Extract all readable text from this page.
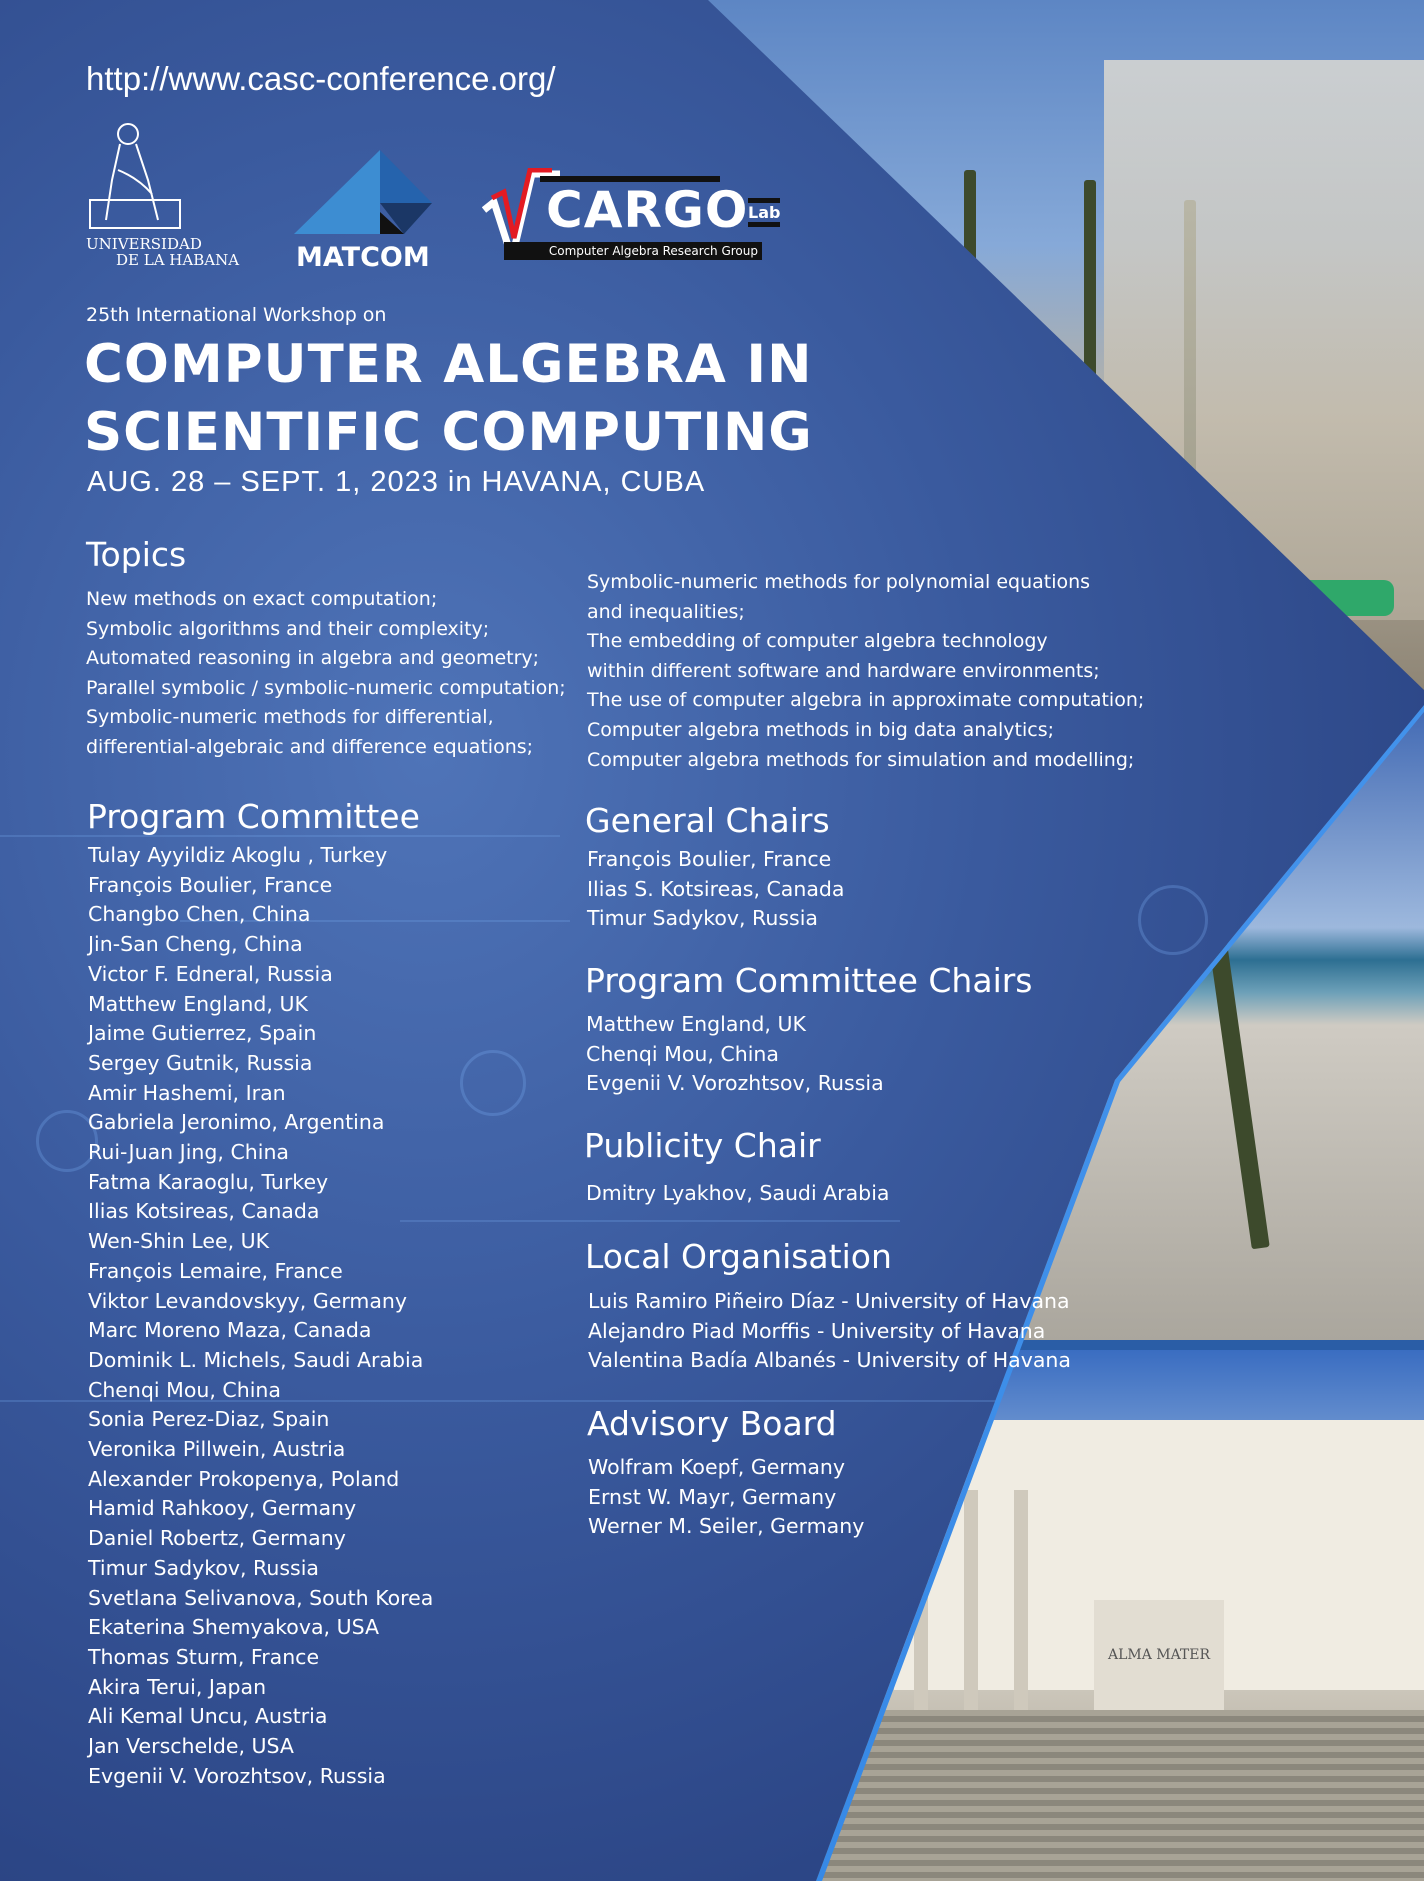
ALMA MATER
http://www.casc-conference.org/
UNIVERSIDAD
DE LA HABANA MATCOM
CARGO Lab
Computer Algebra Research Group
25th International Workshop on
COMPUTER ALGEBRA IN
SCIENTIFIC COMPUTING
AUG. 28 – SEPT. 1, 2023 in HAVANA, CUBA
Topics
New methods on exact computation;
Symbolic algorithms and their complexity;
Automated reasoning in algebra and geometry;
Parallel symbolic / symbolic-numeric computation;
Symbolic-numeric methods for differential,
differential-algebraic and difference equations;
Symbolic-numeric methods for polynomial equations
and inequalities;
The embedding of computer algebra technology
within different software and hardware environments;
The use of computer algebra in approximate computation;
Computer algebra methods in big data analytics;
Computer algebra methods for simulation and modelling;
Program Committee
Tulay Ayyildiz Akoglu , Turkey
François Boulier, France
Changbo Chen, China
Jin-San Cheng, China
Victor F. Edneral, Russia
Matthew England, UK
Jaime Gutierrez, Spain
Sergey Gutnik, Russia
Amir Hashemi, Iran
Gabriela Jeronimo, Argentina
Rui-Juan Jing, China
Fatma Karaoglu, Turkey
Ilias Kotsireas, Canada
Wen-Shin Lee, UK
François Lemaire, France
Viktor Levandovskyy, Germany
Marc Moreno Maza, Canada
Dominik L. Michels, Saudi Arabia
Chenqi Mou, China
Sonia Perez-Diaz, Spain
Veronika Pillwein, Austria
Alexander Prokopenya, Poland
Hamid Rahkooy, Germany
Daniel Robertz, Germany
Timur Sadykov, Russia
Svetlana Selivanova, South Korea
Ekaterina Shemyakova, USA
Thomas Sturm, France
Akira Terui, Japan
Ali Kemal Uncu, Austria
Jan Verschelde, USA
Evgenii V. Vorozhtsov, Russia
General Chairs
François Boulier, France
Ilias S. Kotsireas, Canada
Timur Sadykov, Russia
Program Committee Chairs
Matthew England, UK
Chenqi Mou, China
Evgenii V. Vorozhtsov, Russia
Publicity Chair
Dmitry Lyakhov, Saudi Arabia
Local Organisation
Luis Ramiro Piñeiro Díaz - University of Havana
Alejandro Piad Morffis - University of Havana
Valentina Badía Albanés - University of Havana
Advisory Board
Wolfram Koepf, Germany
Ernst W. Mayr, Germany
Werner M. Seiler, Germany
